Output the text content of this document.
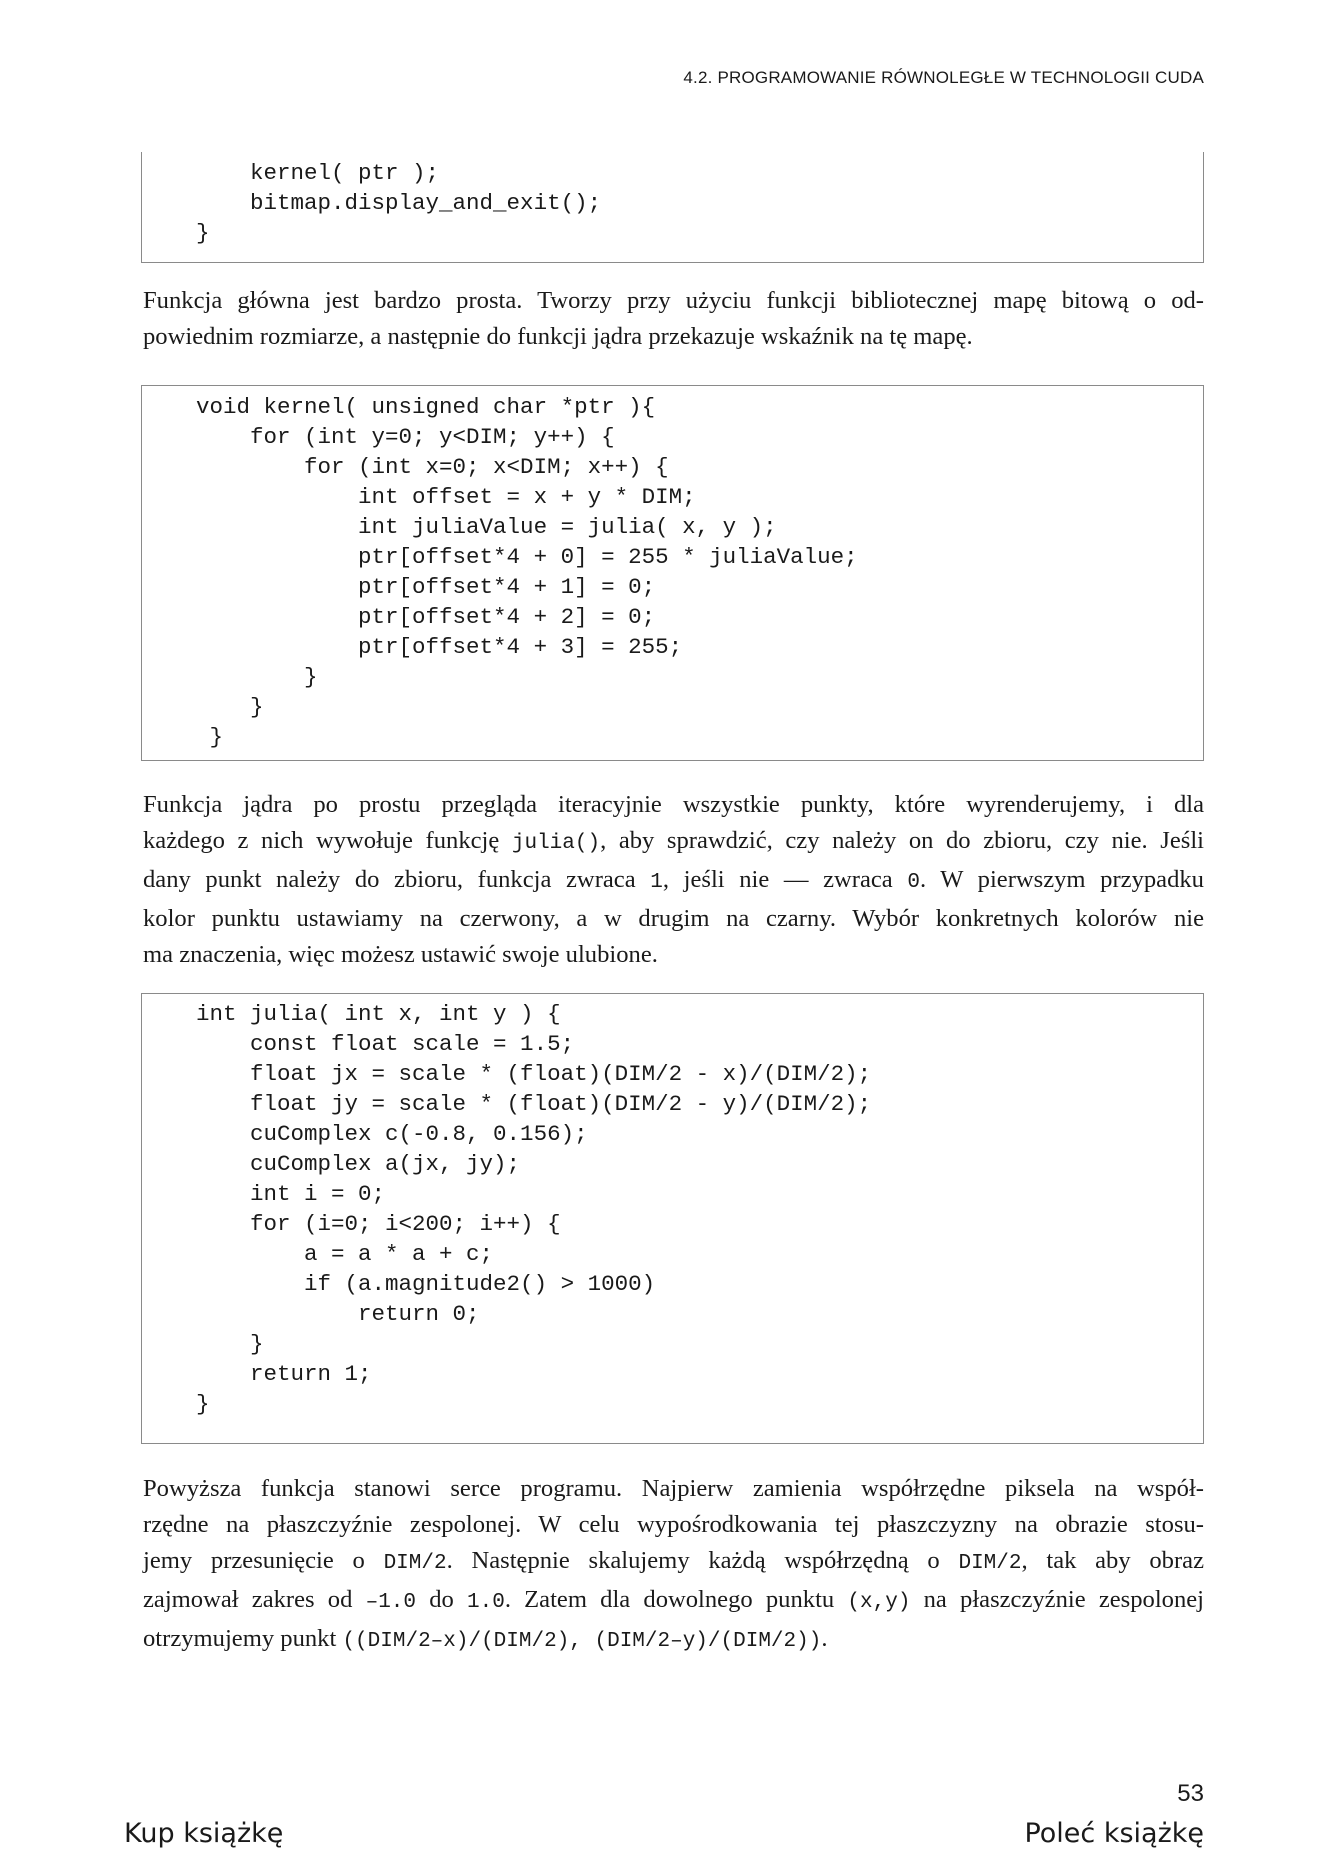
4.2. PROGRAMOWANIE RÓWNOLEGŁE W TECHNOLOGII CUDA
kernel( ptr );
bitmap.display_and_exit();
}
Funkcja główna jest bardzo prosta. Tworzy przy użyciu funkcji bibliotecznej mapę bitową o od-
powiednim rozmiarze, a następnie do funkcji jądra przekazuje wskaźnik na tę mapę.
void kernel( unsigned char *ptr ){
for (int y=0; y<DIM; y++) {
for (int x=0; x<DIM; x++) {
int offset = x + y * DIM;
int juliaValue = julia( x, y );
ptr[offset*4 + 0] = 255 * juliaValue;
ptr[offset*4 + 1] = 0;
ptr[offset*4 + 2] = 0;
ptr[offset*4 + 3] = 255;
}
}
}
Funkcja jądra po prostu przegląda iteracyjnie wszystkie punkty, które wyrenderujemy, i dla
każdego z nich wywołuje funkcję julia(), aby sprawdzić, czy należy on do zbioru, czy nie. Jeśli
dany punkt należy do zbioru, funkcja zwraca 1, jeśli nie — zwraca 0. W pierwszym przypadku
kolor punktu ustawiamy na czerwony, a w drugim na czarny. Wybór konkretnych kolorów nie
ma znaczenia, więc możesz ustawić swoje ulubione.
int julia( int x, int y ) {
const float scale = 1.5;
float jx = scale * (float)(DIM/2 - x)/(DIM/2);
float jy = scale * (float)(DIM/2 - y)/(DIM/2);
cuComplex c(-0.8, 0.156);
cuComplex a(jx, jy);
int i = 0;
for (i=0; i<200; i++) {
a = a * a + c;
if (a.magnitude2() > 1000)
return 0;
}
return 1;
}
Powyższa funkcja stanowi serce programu. Najpierw zamienia współrzędne piksela na współ-
rzędne na płaszczyźnie zespolonej. W celu wypośrodkowania tej płaszczyzny na obrazie stosu-
jemy przesunięcie o DIM/2. Następnie skalujemy każdą współrzędną o DIM/2, tak aby obraz
zajmował zakres od –1.0 do 1.0. Zatem dla dowolnego punktu (x,y) na płaszczyźnie zespolonej
otrzymujemy punkt ((DIM/2–x)/(DIM/2), (DIM/2–y)/(DIM/2)).
53
Kup książkę	Poleć książkę
